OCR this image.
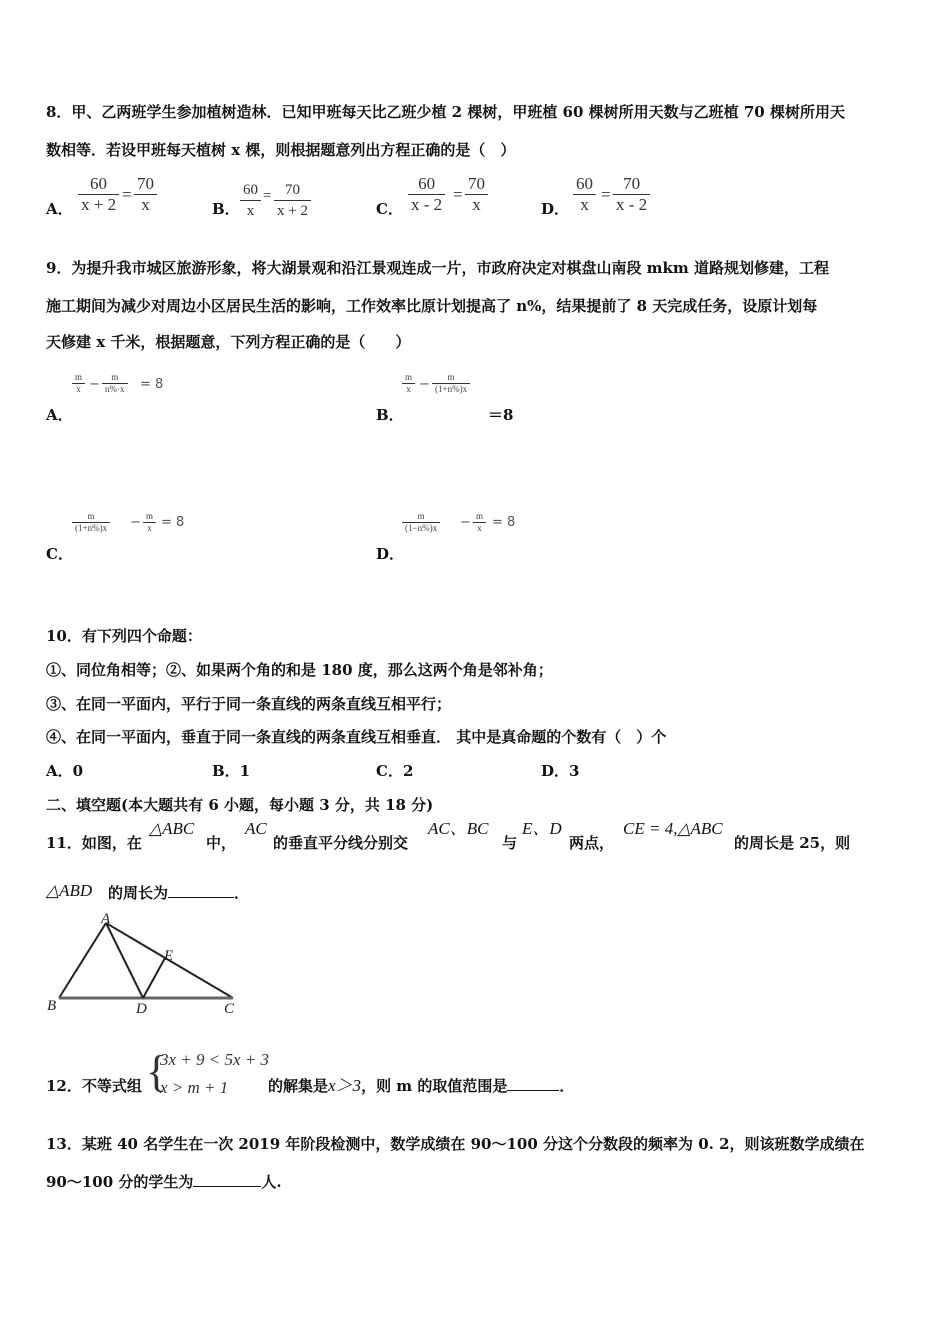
8．甲、乙两班学生参加植树造林．已知甲班每天比乙班少植 2 棵树，甲班植 60 棵树所用天数与乙班植 70 棵树所用天
数相等．若设甲班每天植树 x 棵，则根据题意列出方程正确的是（　）
A． $\frac{60}{x + 2} = \frac{70}{x}$	B． $\frac{60}{x} = \frac{70}{x + 2}$	C． $\frac{60}{x - 2} = \frac{70}{x}$	D． $\frac{60}{x} = \frac{70}{x - 2}$
9．为提升我市城区旅游形象，将大湖景观和沿江景观连成一片，市政府决定对棋盘山南段 mkm 道路规划修建，工程
施工期间为减少对周边小区居民生活的影响，工作效率比原计划提高了 n%，结果提前了 8 天完成任务，设原计划每
天修建 x 千米，根据题意，下列方程正确的是（　　）
A．
$\frac{m}{x} - \frac{m}{n\%\cdot x} = 8$
B．
$\frac{m}{x} - \frac{m}{(1+n\%)x}$
＝8
C．
$\frac{m}{(1+n\%)x} - \frac{m}{x} = 8$
D．
$\frac{m}{(1-n\%)x} - \frac{m}{x} = 8$
10．有下列四个命题：
①、同位角相等；②、如果两个角的和是 180 度，那么这两个角是邻补角；
③、在同一平面内，平行于同一条直线的两条直线互相平行；
④、在同一平面内，垂直于同一条直线的两条直线互相垂直． 其中是真命题的个数有（　）个
A．0	B．1	C．2	D．3
二、填空题(本大题共有 6 小题，每小题 3 分，共 18 分)
11．如图，在
△ABC
中，
AC
的垂直平分线分别交
AC、BC
与
E、D
两点，
CE = 4,△ABC
的周长是 25，则
△ABD 的周长为	．
A
B	C
D
E
12．不等式组 {
3x + 9 < 5x + 3
x > m + 1	的解集是x＞3，则 m 的取值范围是	．
13．某班 40 名学生在一次 2019 年阶段检测中，数学成绩在 90～100 分这个分数段的频率为 0. 2，则该班数学成绩在
90～100 分的学生为	人.
